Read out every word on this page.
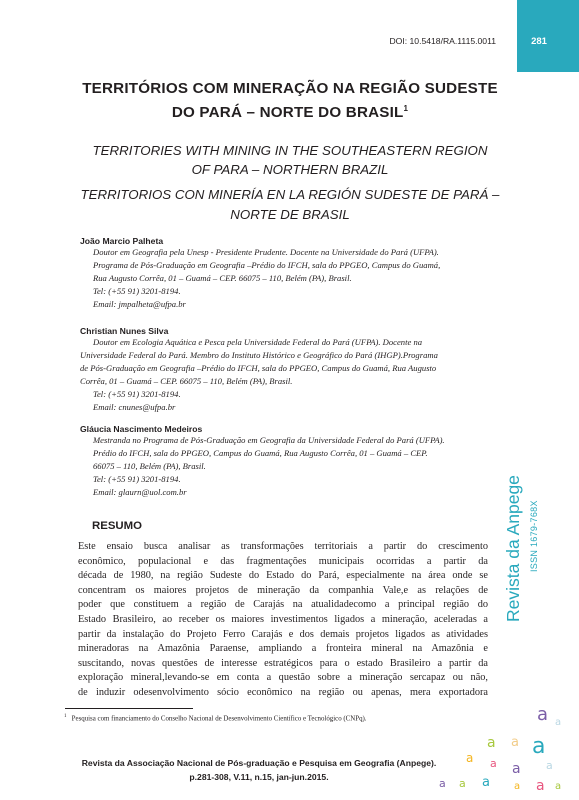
DOI: 10.5418/RA.1115.0011	281
TERRITÓRIOS COM MINERAÇÃO NA REGIÃO SUDESTE
DO PARÁ – NORTE DO BRASIL$^1$
TERRITORIES WITH MINING IN THE SOUTHEASTERN REGION
OF PARA – NORTHERN BRAZIL
TERRITORIOS CON MINERÍA EN LA REGIÓN SUDESTE DE PARÁ –
NORTE DE BRASIL
João Marcio Palheta
Doutor em Geografia pela Unesp - Presidente Prudente. Docente na Universidade do Pará (UFPA).
Programa de Pós-Graduação em Geografia –Prédio do IFCH, sala do PPGEO, Campus do Guamá,
Rua Augusto Corrêa, 01 – Guamá – CEP. 66075 – 110, Belém (PA), Brasil.
Tel: (+55 91) 3201-8194.
Email: jmpalheta@ufpa.br
Christian Nunes Silva
Doutor em Ecologia Aquática e Pesca pela Universidade Federal do Pará (UFPA). Docente na
Universidade Federal do Pará. Membro do Instituto Histórico e Geográfico do Pará (IHGP).Programa
de Pós-Graduação em Geografia –Prédio do IFCH, sala do PPGEO, Campus do Guamá, Rua Augusto
Corrêa, 01 – Guamá – CEP. 66075 – 110, Belém (PA), Brasil.
Tel: (+55 91) 3201-8194.
Email: cnunes@ufpa.br
Gláucia Nascimento Medeiros
Mestranda no Programa de Pós-Graduação em Geografia da Universidade Federal do Pará (UFPA).
Prédio do IFCH, sala do PPGEO, Campus do Guamá, Rua Augusto Corrêa, 01 – Guamá – CEP.
66075 – 110, Belém (PA), Brasil.
Tel: (+55 91) 3201-8194.
Email: glaurn@uol.com.br
RESUMO
Este ensaio busca analisar as transformações territoriais a partir do crescimento
econômico, populacional e das fragmentações municipais ocorridas a partir da
década de 1980, na região Sudeste do Estado do Pará, especialmente na área onde se
concentram os maiores projetos de mineração da companhia Vale,e as relações de
poder que constituem a região de Carajás na atualidadecomo a principal região do
Estado Brasileiro, ao receber os maiores investimentos ligados a mineração, aceleradas a
partir da instalação do Projeto Ferro Carajás e dos demais projetos ligados as atividades
mineradoras na Amazônia Paraense, ampliando a fronteira mineral na Amazônia e
suscitando, novas questões de interesse estratégicos para o estado Brasileiro a partir da
exploração mineral,levando-se em conta a questão sobre a mineração sercapaz ou não,
de induzir odesenvolvimento sócio econômico na região ou apenas, mera exportadora
Revista da Anpege ISSN 1679-768X
$^1$ Pesquisa com financiamento do Conselho Nacional de Desenvolvimento Científico e Tecnológico (CNPq).
Revista da Associação Nacional de Pós-graduação e Pesquisa em Geografia (Anpege).
p.281-308, V.11, n.15, jan-jun.2015.
a a
a a
a
a a a a
a
a a	a a
a
